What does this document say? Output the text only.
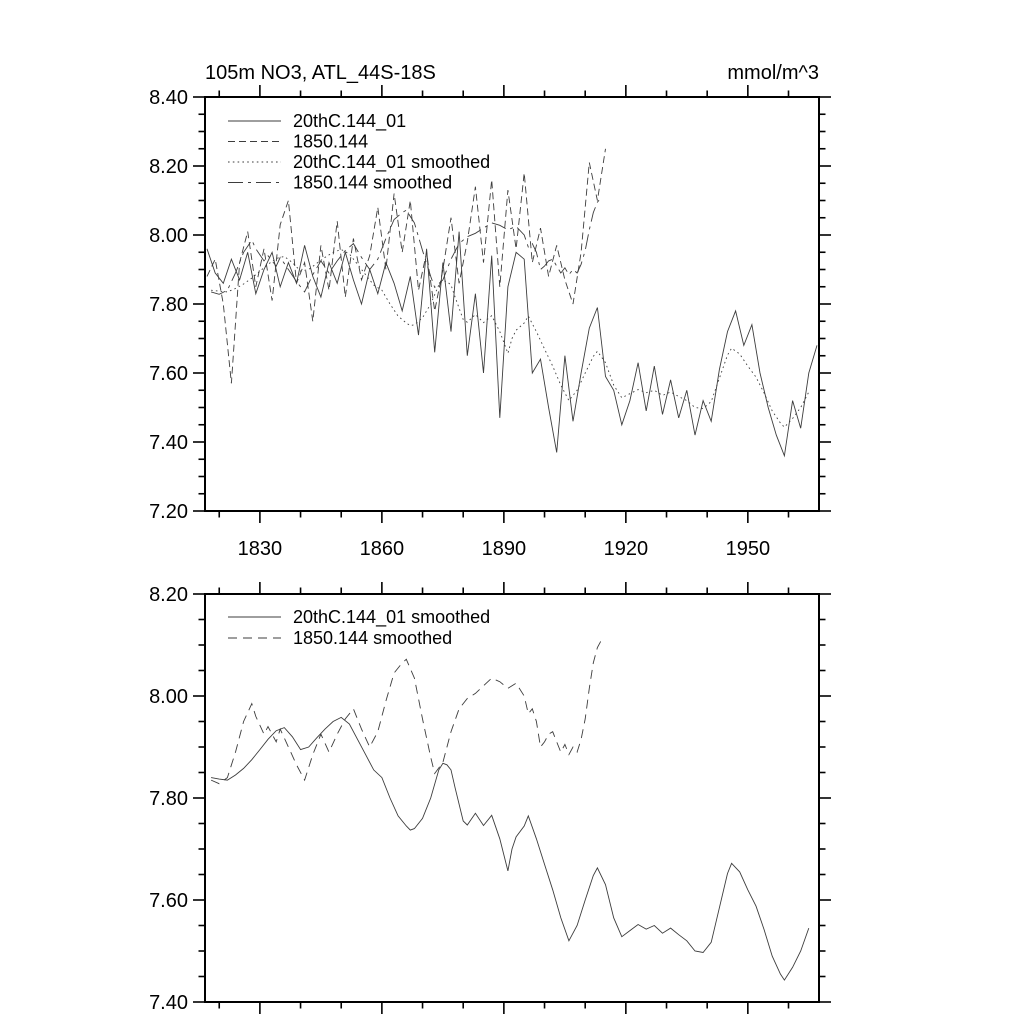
105m NO3, ATL_44S-18S	mmol/m^3
7.20
7.40
7.60
7.80
8.00
8.20
8.40
1830	1860	1890	1920	1950
20thC.144_01
1850.144
20thC.144_01 smoothed
1850.144 smoothed
7.40
7.60
7.80
8.00
8.20
20thC.144_01 smoothed
1850.144 smoothed
